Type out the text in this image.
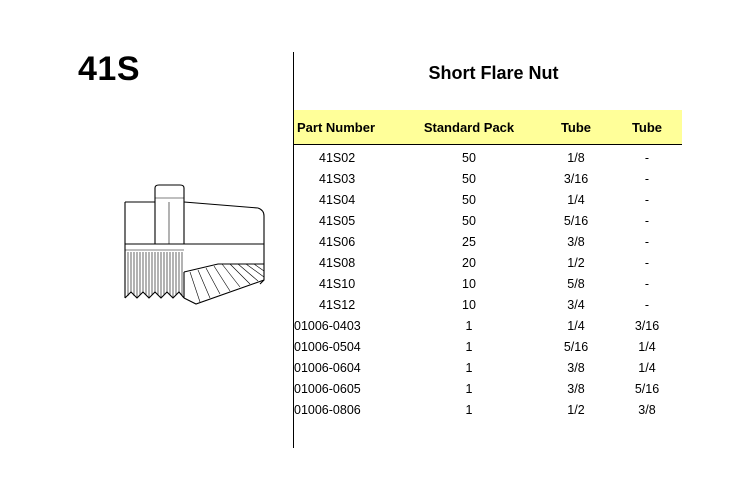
41S	Short Flare Nut
Part Number	Standard Pack	Tube	Tube
41S02	50	1/8	-
41S03	50	3/16	-
41S04	50	1/4	-
41S05	50	5/16	-
41S06	25	3/8	-
41S08	20	1/2	-
41S10	10	5/8	-
41S12	10	3/4	-
01006-0403	1	1/4	3/16
01006-0504	1	5/16	1/4
01006-0604	1	3/8	1/4
01006-0605	1	3/8	5/16
01006-0806	1	1/2	3/8
